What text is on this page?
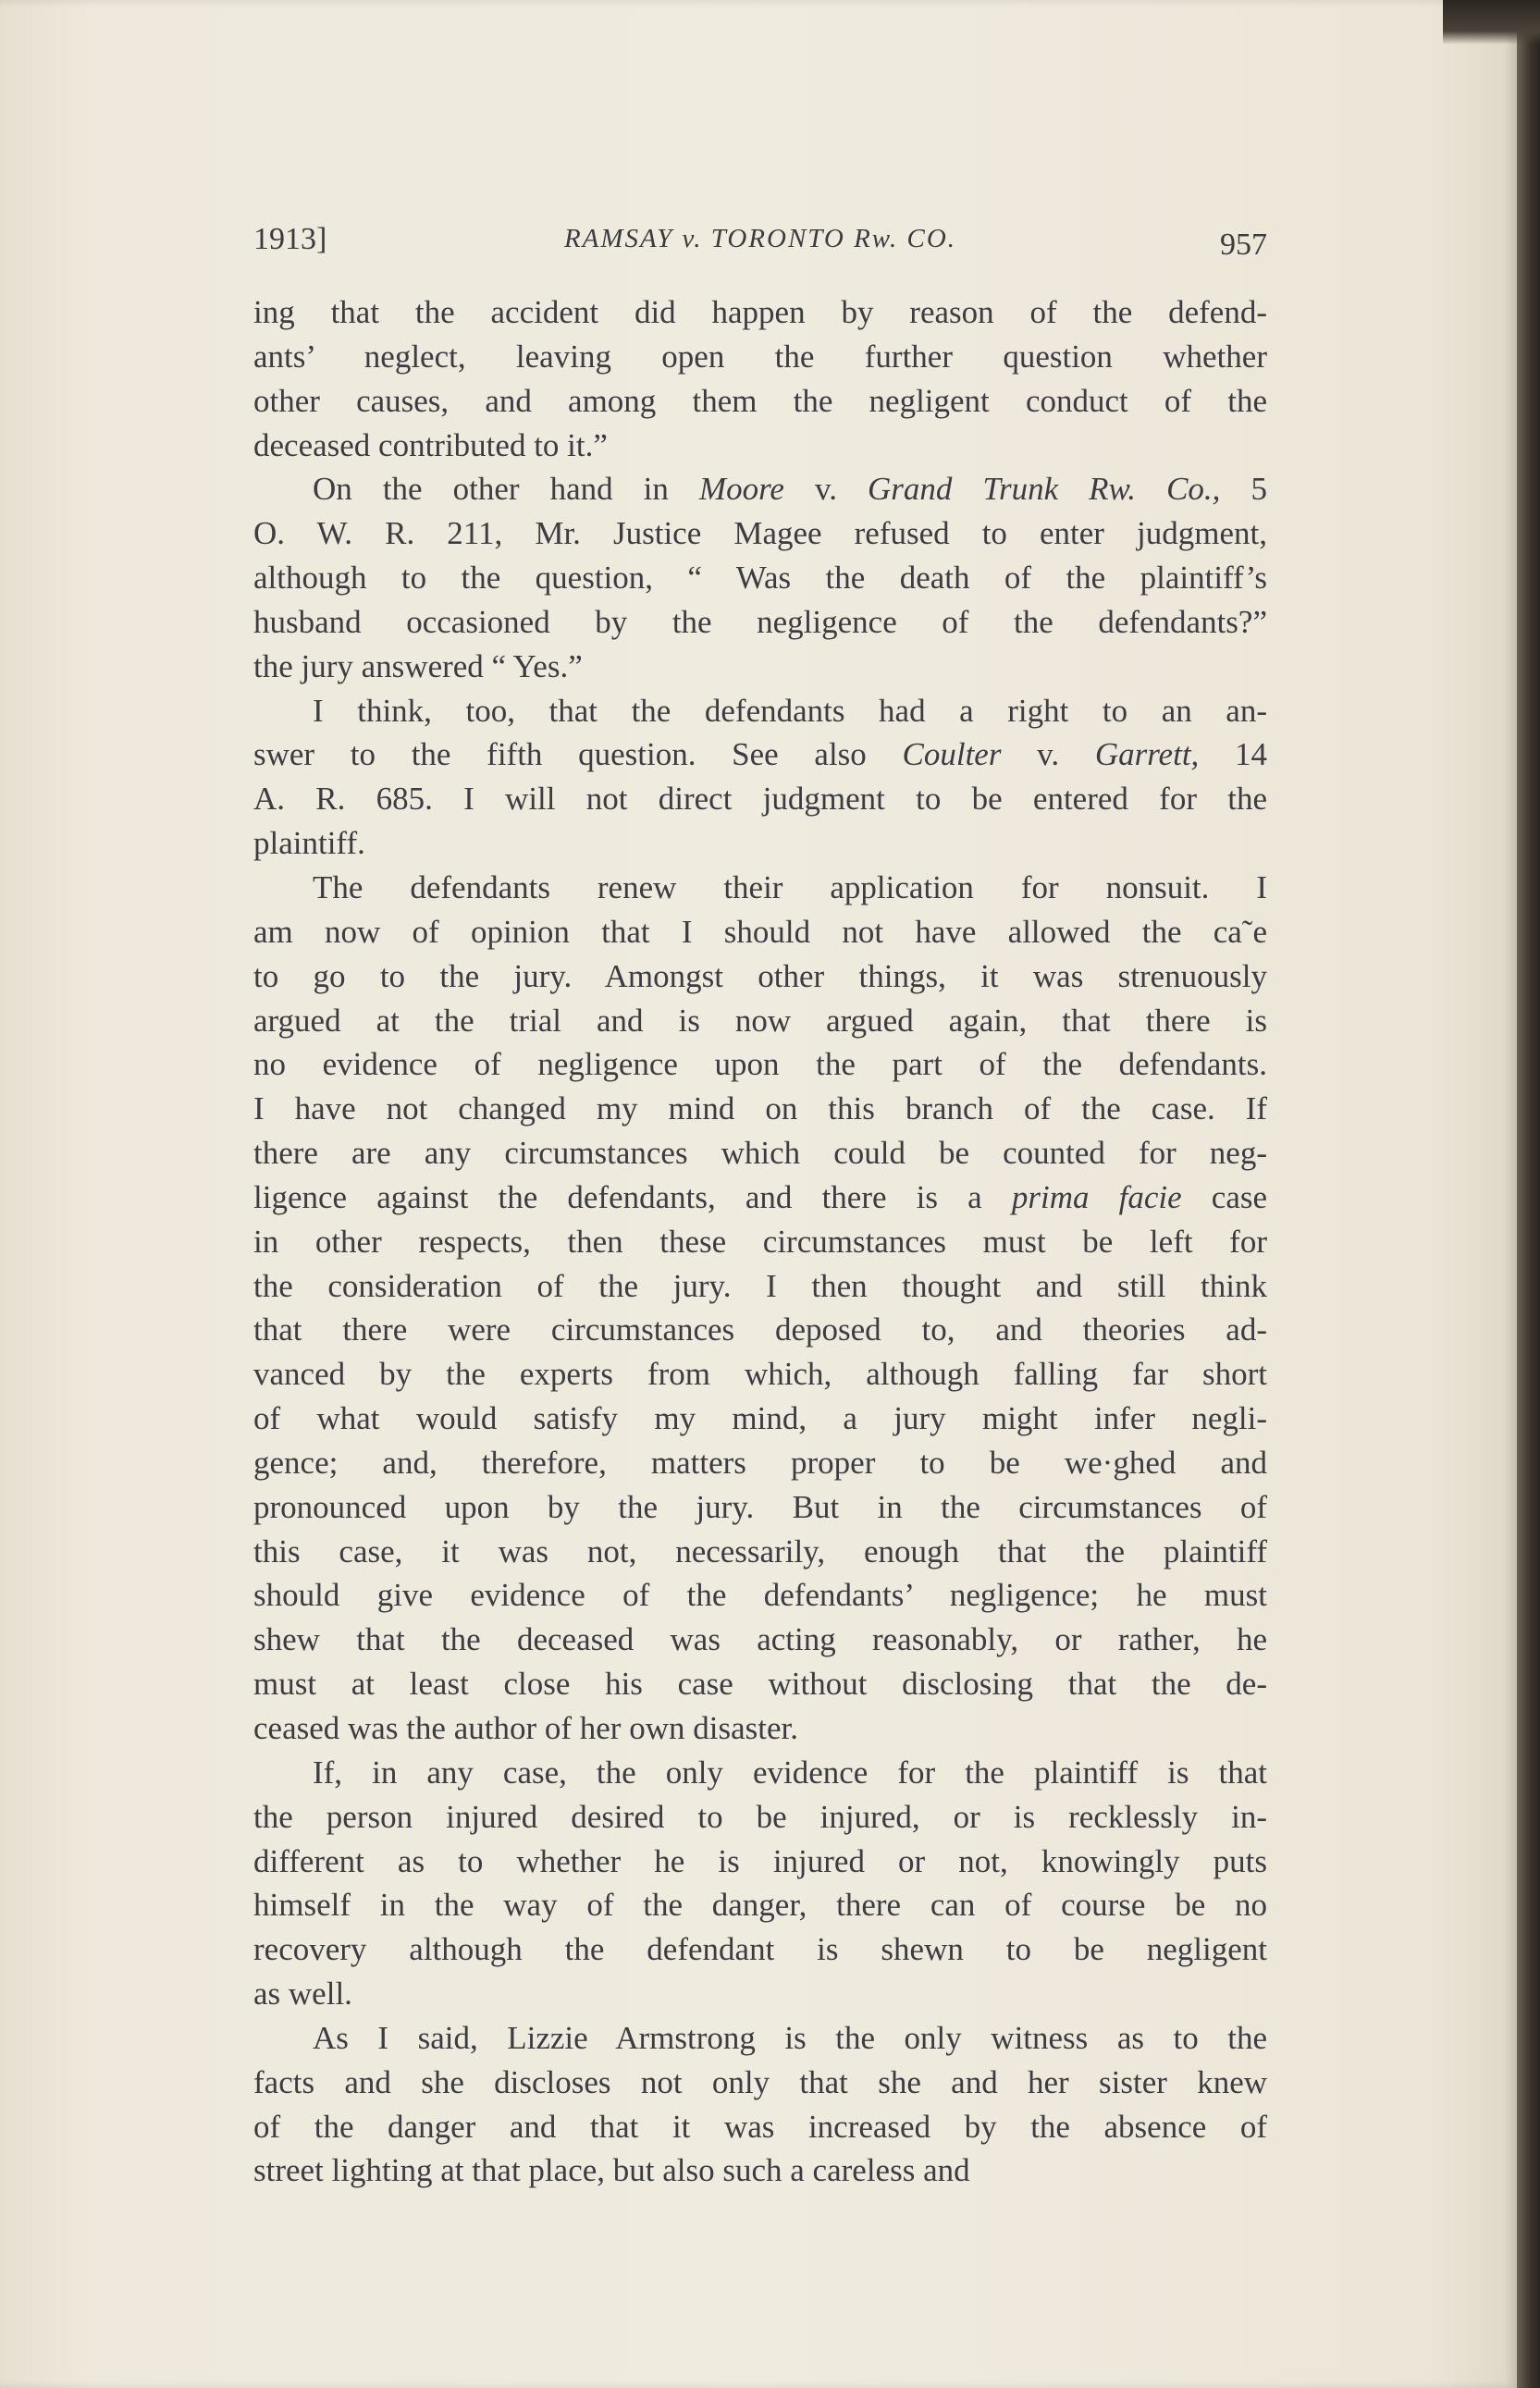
1913]	RAMSAY v. TORONTO Rw. CO.	957

ing that the accident did happen by reason of the defend-
ants’ neglect, leaving open the further question whether
other causes, and among them the negligent conduct of the
deceased contributed to it.”

On the other hand in Moore v. Grand Trunk Rw. Co., 5
O. W. R. 211, Mr. Justice Magee refused to enter judgment,
although to the question, “ Was the death of the plaintiff’s
husband occasioned by the negligence of the defendants?”
the jury answered “ Yes.”

I think, too, that the defendants had a right to an an-
swer to the fifth question. See also Coulter v. Garrett, 14
A. R. 685. I will not direct judgment to be entered for the
plaintiff.

The defendants renew their application for nonsuit. I
am now of opinion that I should not have allowed the ca˜e
to go to the jury. Amongst other things, it was strenuously
argued at the trial and is now argued again, that there is
no evidence of negligence upon the part of the defendants.
I have not changed my mind on this branch of the case. If
there are any circumstances which could be counted for neg-
ligence against the defendants, and there is a prima facie case
in other respects, then these circumstances must be left for
the consideration of the jury. I then thought and still think
that there were circumstances deposed to, and theories ad-
vanced by the experts from which, although falling far short
of what would satisfy my mind, a jury might infer negli-
gence; and, therefore, matters proper to be we·ghed and
pronounced upon by the jury. But in the circumstances of
this case, it was not, necessarily, enough that the plaintiff
should give evidence of the defendants’ negligence; he must
shew that the deceased was acting reasonably, or rather, he
must at least close his case without disclosing that the de-
ceased was the author of her own disaster.

If, in any case, the only evidence for the plaintiff is that
the person injured desired to be injured, or is recklessly in-
different as to whether he is injured or not, knowingly puts
himself in the way of the danger, there can of course be no
recovery although the defendant is shewn to be negligent
as well.

As I said, Lizzie Armstrong is the only witness as to the
facts and she discloses not only that she and her sister knew
of the danger and that it was increased by the absence of
street lighting at that place, but also such a careless and
